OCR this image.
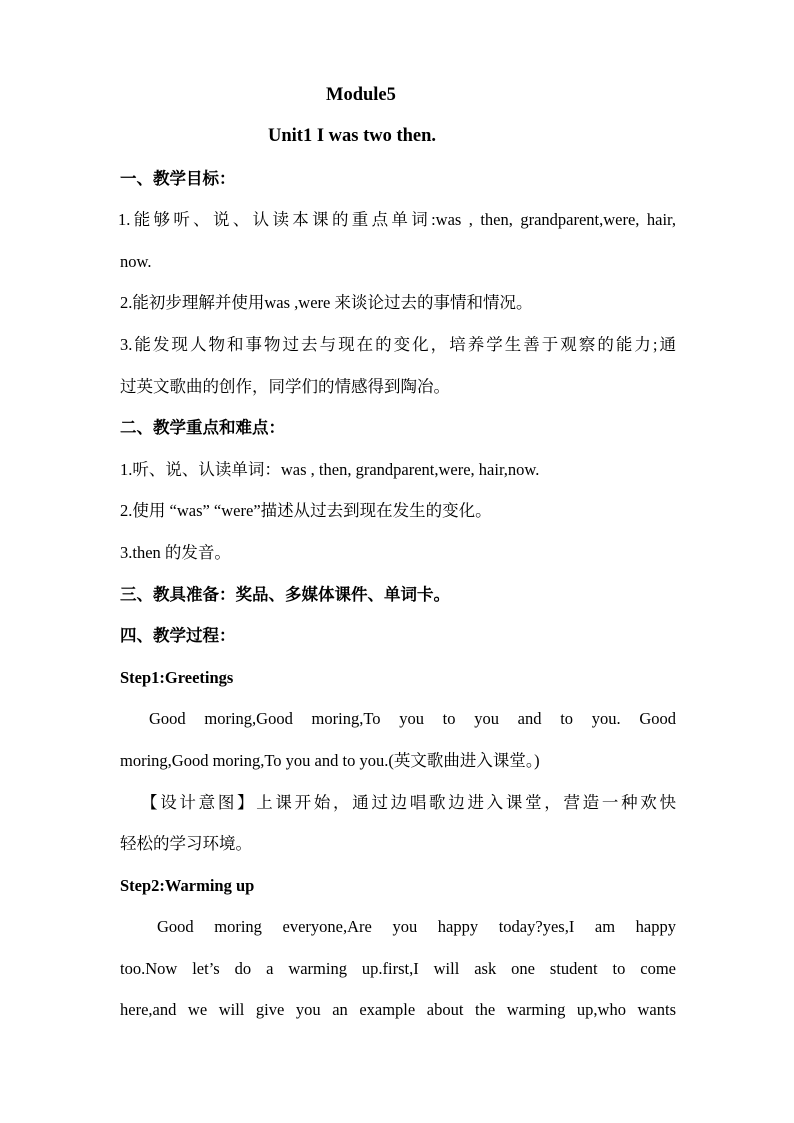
Module5

Unit1 I was two then.

一、教学目标：

1.能够听、说、认读本课的重点单词:was , then, grandparent,were, hair,

now.

2.能初步理解并使用was ,were 来谈论过去的事情和情况。

3.能发现人物和事物过去与现在的变化，培养学生善于观察的能力;通

过英文歌曲的创作，同学们的情感得到陶冶。

二、教学重点和难点：

1.听、说、认读单词：was , then, grandparent,were, hair,now.

2.使用 “was” “were”描述从过去到现在发生的变化。

3.then 的发音。

三、教具准备：奖品、多媒体课件、单词卡。

四、教学过程：

Step1:Greetings

Good moring,Good moring,To you to you and to you. Good

moring,Good moring,To you and to you.(英文歌曲进入课堂。)

【设计意图】上课开始，通过边唱歌边进入课堂，营造一种欢快

轻松的学习环境。

Step2:Warming up

Good moring everyone,Are you happy today?yes,I am happy

too.Now let’s do a warming up.first,I will ask one student to come

here,and we will give you an example about the warming up,who wants
